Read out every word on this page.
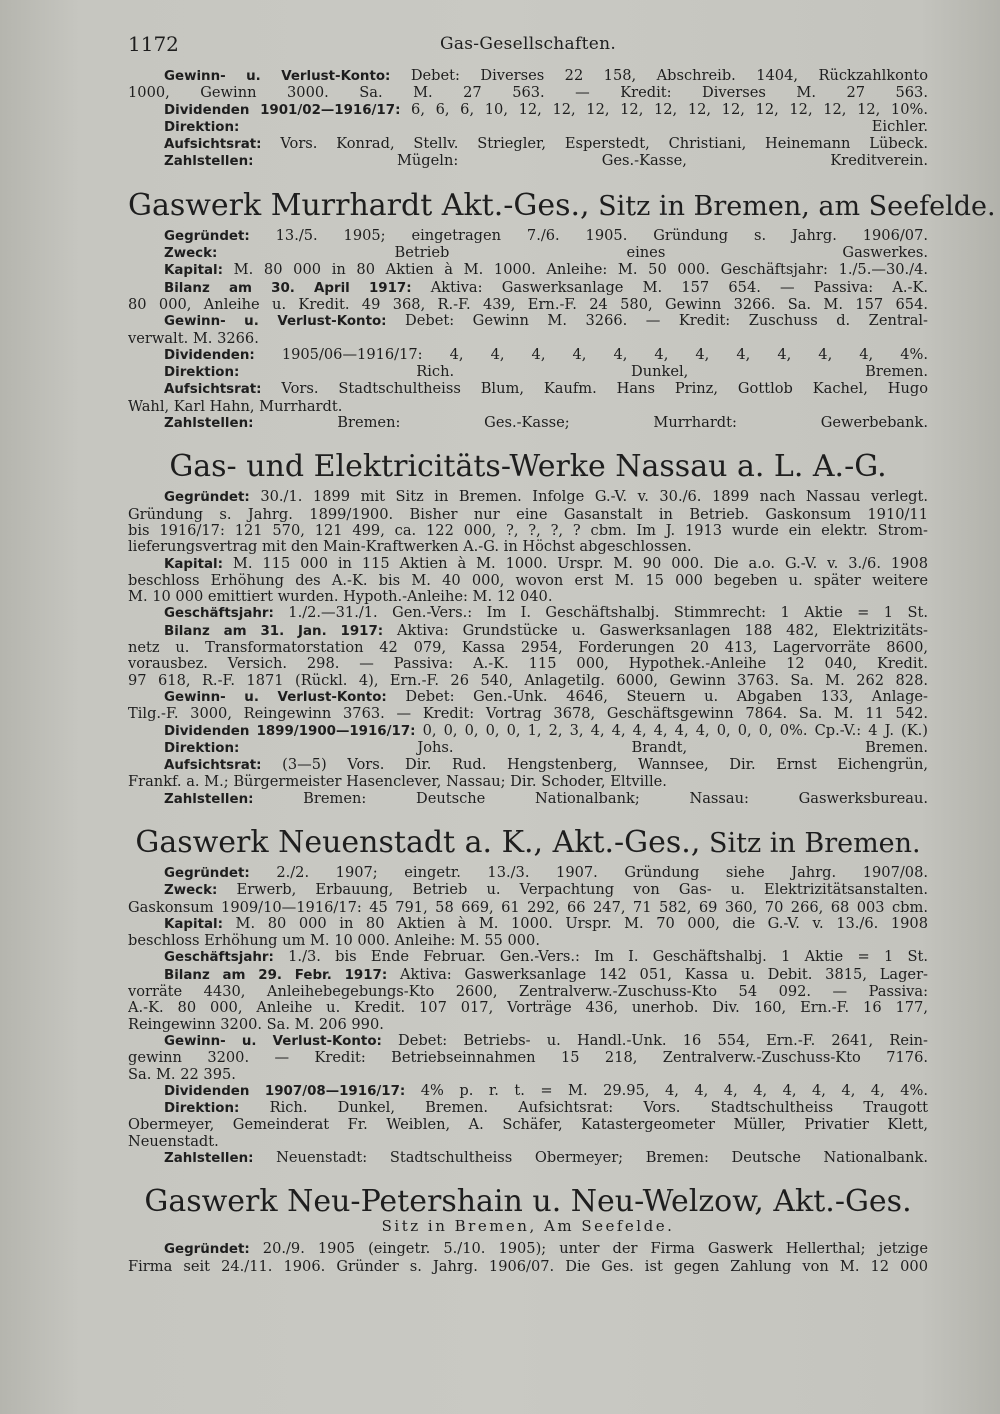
1172	Gas-Gesellschaften.
Gewinn- u. Verlust-Konto: Debet: Diverses 22 158, Abschreib. 1404, Rückzahlkonto
1000, Gewinn 3000. Sa. M. 27 563. — Kredit: Diverses M. 27 563.
Dividenden 1901/02—1916/17: 6, 6, 6, 10, 12, 12, 12, 12, 12, 12, 12, 12, 12, 12, 12, 10%.
Direktion: Eichler.
Aufsichtsrat: Vors. Konrad, Stellv. Striegler, Esperstedt, Christiani, Heinemann Lübeck.
Zahlstellen: Mügeln: Ges.-Kasse, Kreditverein.
Gaswerk Murrhardt Akt.-Ges., Sitz in Bremen, am Seefelde.
Gegründet: 13./5. 1905; eingetragen 7./6. 1905. Gründung s. Jahrg. 1906/07.
Zweck: Betrieb eines Gaswerkes.
Kapital: M. 80 000 in 80 Aktien à M. 1000. Anleihe: M. 50 000. Geschäftsjahr: 1./5.—30./4.
Bilanz am 30. April 1917: Aktiva: Gaswerksanlage M. 157 654. — Passiva: A.-K.
80 000, Anleihe u. Kredit. 49 368, R.-F. 439, Ern.-F. 24 580, Gewinn 3266. Sa. M. 157 654.
Gewinn- u. Verlust-Konto: Debet: Gewinn M. 3266. — Kredit: Zuschuss d. Zentral-
verwalt. M. 3266.
Dividenden: 1905/06—1916/17: 4, 4, 4, 4, 4, 4, 4, 4, 4, 4, 4, 4%.
Direktion: Rich. Dunkel, Bremen.
Aufsichtsrat: Vors. Stadtschultheiss Blum, Kaufm. Hans Prinz, Gottlob Kachel, Hugo
Wahl, Karl Hahn, Murrhardt.
Zahlstellen: Bremen: Ges.-Kasse; Murrhardt: Gewerbebank.
Gas- und Elektricitäts-Werke Nassau a. L. A.-G.
Gegründet: 30./1. 1899 mit Sitz in Bremen. Infolge G.-V. v. 30./6. 1899 nach Nassau verlegt.
Gründung s. Jahrg. 1899/1900. Bisher nur eine Gasanstalt in Betrieb. Gaskonsum 1910/11
bis 1916/17: 121 570, 121 499, ca. 122 000, ?, ?, ?, ? cbm. Im J. 1913 wurde ein elektr. Strom-
lieferungsvertrag mit den Main-Kraftwerken A.-G. in Höchst abgeschlossen.
Kapital: M. 115 000 in 115 Aktien à M. 1000. Urspr. M. 90 000. Die a.o. G.-V. v. 3./6. 1908
beschloss Erhöhung des A.-K. bis M. 40 000, wovon erst M. 15 000 begeben u. später weitere
M. 10 000 emittiert wurden. Hypoth.-Anleihe: M. 12 040.
Geschäftsjahr: 1./2.—31./1. Gen.-Vers.: Im I. Geschäftshalbj. Stimmrecht: 1 Aktie = 1 St.
Bilanz am 31. Jan. 1917: Aktiva: Grundstücke u. Gaswerksanlagen 188 482, Elektrizitäts-
netz u. Transformatorstation 42 079, Kassa 2954, Forderungen 20 413, Lagervorräte 8600,
vorausbez. Versich. 298. — Passiva: A.-K. 115 000, Hypothek.-Anleihe 12 040, Kredit.
97 618, R.-F. 1871 (Rückl. 4), Ern.-F. 26 540, Anlagetilg. 6000, Gewinn 3763. Sa. M. 262 828.
Gewinn- u. Verlust-Konto: Debet: Gen.-Unk. 4646, Steuern u. Abgaben 133, Anlage-
Tilg.-F. 3000, Reingewinn 3763. — Kredit: Vortrag 3678, Geschäftsgewinn 7864. Sa. M. 11 542.
Dividenden 1899/1900—1916/17: 0, 0, 0, 0, 0, 1, 2, 3, 4, 4, 4, 4, 4, 4, 0, 0, 0, 0%. Cp.-V.: 4 J. (K.)
Direktion: Johs. Brandt, Bremen.
Aufsichtsrat: (3—5) Vors. Dir. Rud. Hengstenberg, Wannsee, Dir. Ernst Eichengrün,
Frankf. a. M.; Bürgermeister Hasenclever, Nassau; Dir. Schoder, Eltville.
Zahlstellen: Bremen: Deutsche Nationalbank; Nassau: Gaswerksbureau.
Gaswerk Neuenstadt a. K., Akt.-Ges., Sitz in Bremen.
Gegründet: 2./2. 1907; eingetr. 13./3. 1907. Gründung siehe Jahrg. 1907/08.
Zweck: Erwerb, Erbauung, Betrieb u. Verpachtung von Gas- u. Elektrizitätsanstalten.
Gaskonsum 1909/10—1916/17: 45 791, 58 669, 61 292, 66 247, 71 582, 69 360, 70 266, 68 003 cbm.
Kapital: M. 80 000 in 80 Aktien à M. 1000. Urspr. M. 70 000, die G.-V. v. 13./6. 1908
beschloss Erhöhung um M. 10 000. Anleihe: M. 55 000.
Geschäftsjahr: 1./3. bis Ende Februar. Gen.-Vers.: Im I. Geschäftshalbj. 1 Aktie = 1 St.
Bilanz am 29. Febr. 1917: Aktiva: Gaswerksanlage 142 051, Kassa u. Debit. 3815, Lager-
vorräte 4430, Anleihebegebungs-Kto 2600, Zentralverw.-Zuschuss-Kto 54 092. — Passiva:
A.-K. 80 000, Anleihe u. Kredit. 107 017, Vorträge 436, unerhob. Div. 160, Ern.-F. 16 177,
Reingewinn 3200. Sa. M. 206 990.
Gewinn- u. Verlust-Konto: Debet: Betriebs- u. Handl.-Unk. 16 554, Ern.-F. 2641, Rein-
gewinn 3200. — Kredit: Betriebseinnahmen 15 218, Zentralverw.-Zuschuss-Kto 7176.
Sa. M. 22 395.
Dividenden 1907/08—1916/17: 4% p. r. t. = M. 29.95, 4, 4, 4, 4, 4, 4, 4, 4, 4%.
Direktion: Rich. Dunkel, Bremen. Aufsichtsrat: Vors. Stadtschultheiss Traugott
Obermeyer, Gemeinderat Fr. Weiblen, A. Schäfer, Katastergeometer Müller, Privatier Klett,
Neuenstadt.
Zahlstellen: Neuenstadt: Stadtschultheiss Obermeyer; Bremen: Deutsche Nationalbank.
Gaswerk Neu-Petershain u. Neu-Welzow, Akt.-Ges.
Sitz in Bremen, Am Seefelde.
Gegründet: 20./9. 1905 (eingetr. 5./10. 1905); unter der Firma Gaswerk Hellerthal; jetzige
Firma seit 24./11. 1906. Gründer s. Jahrg. 1906/07. Die Ges. ist gegen Zahlung von M. 12 000
